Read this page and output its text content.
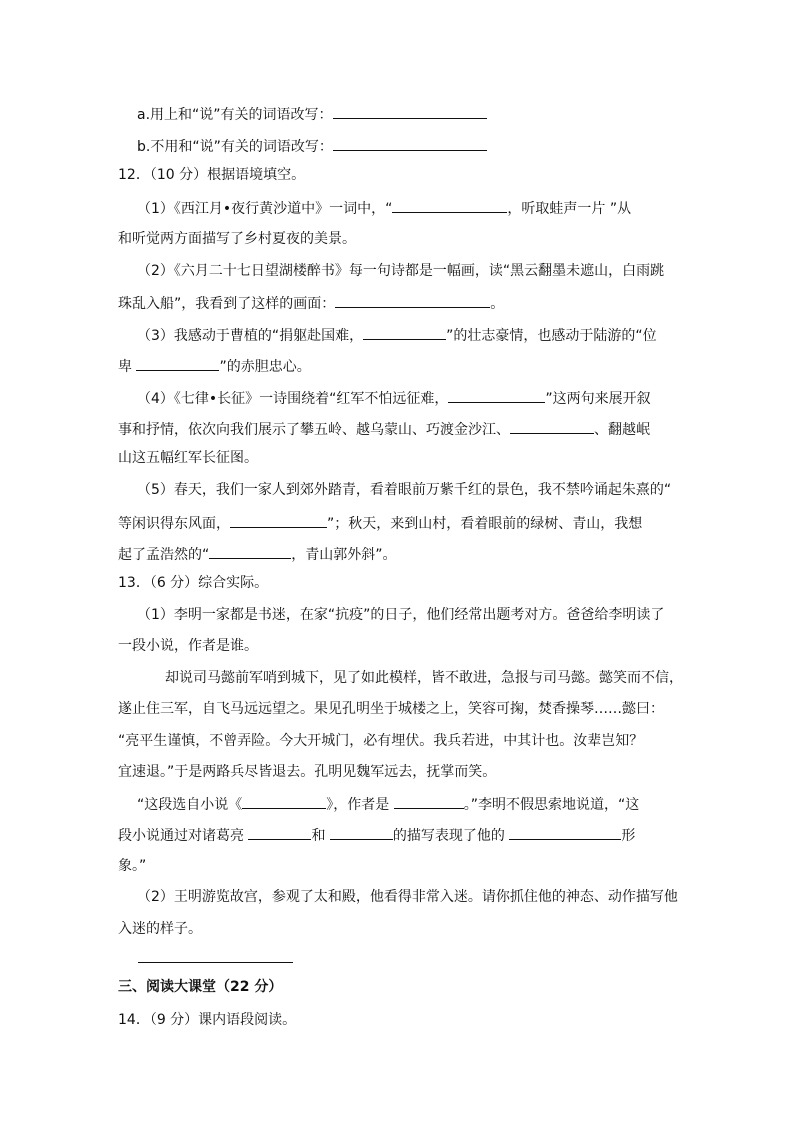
a.用上和“说”有关的词语改写：
b.不用和“说”有关的词语改写：
12．（10 分）根据语境填空。
（1）《西江月•夜行黄沙道中》一词中，“	，听取蛙声一片 ”从
和听觉两方面描写了乡村夏夜的美景。
（2）《六月二十七日望湖楼醉书》每一句诗都是一幅画，读“黑云翻墨未遮山，白雨跳
珠乱入船”，我看到了这样的画面：	。
（3）我感动于曹植的“捐躯赴国难，	”的壮志豪情，也感动于陆游的“位
卑	”的赤胆忠心。
（4）《七律•长征》一诗围绕着“红军不怕远征难，	”这两句来展开叙
事和抒情，依次向我们展示了攀五岭、越乌蒙山、巧渡金沙江、	、翻越岷
山这五幅红军长征图。
（5）春天，我们一家人到郊外踏青，看着眼前万紫千红的景色，我不禁吟诵起朱熹的“
等闲识得东风面，	”；秋天，来到山村，看着眼前的绿树、青山，我想
起了孟浩然的“	，青山郭外斜”。
13．（6 分）综合实际。
（1）李明一家都是书迷，在家“抗疫”的日子，他们经常出题考对方。爸爸给李明读了
一段小说，作者是谁。
却说司马懿前军哨到城下，见了如此模样，皆不敢进，急报与司马懿。懿笑而不信，
遂止住三军，自飞马远远望之。果见孔明坐于城楼之上，笑容可掬，焚香操琴……懿曰：
“亮平生谨慎，不曾弄险。今大开城门，必有埋伏。我兵若进，中其计也。汝辈岂知？
宜速退。”于是两路兵尽皆退去。孔明见魏军远去，抚掌而笑。
“这段选自小说《	》，作者是	。”李明不假思索地说道，“这
段小说通过对诸葛亮	和	的描写表现了他的	形
象。”
（2）王明游览故宫，参观了太和殿，他看得非常入迷。请你抓住他的神态、动作描写他
入迷的样子。
三、阅读大课堂（22 分）
14．（9 分）课内语段阅读。
